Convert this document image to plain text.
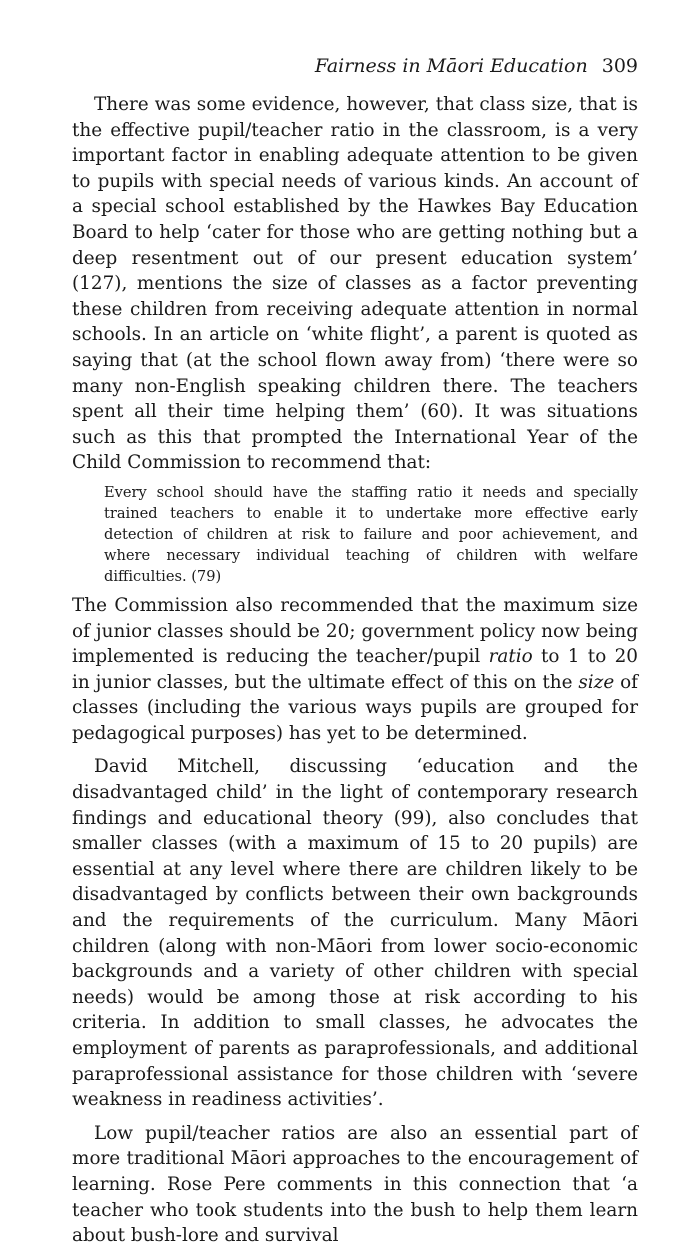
Fairness in Māori Education 309

There was some evidence, however, that class size, that is the effective pupil/teacher ratio in the classroom, is a very important factor in enabling adequate attention to be given to pupils with special needs of various kinds. An account of a special school established by the Hawkes Bay Education Board to help ‘cater for those who are getting nothing but a deep resentment out of our present education system’ (127), mentions the size of classes as a factor preventing these children from receiving adequate attention in normal schools. In an article on ‘white flight’, a parent is quoted as saying that (at the school flown away from) ‘there were so many non-English speaking children there. The teachers spent all their time helping them’ (60). It was situations such as this that prompted the International Year of the Child Commission to recommend that:

Every school should have the staffing ratio it needs and specially trained teachers to enable it to undertake more effective early detection of children at risk to failure and poor achievement, and where necessary individual teaching of children with welfare difficulties. (79)

The Commission also recommended that the maximum size of junior classes should be 20; government policy now being implemented is reducing the teacher/pupil ratio to 1 to 20 in junior classes, but the ultimate effect of this on the size of classes (including the various ways pupils are grouped for pedagogical purposes) has yet to be determined.

David Mitchell, discussing ‘education and the disadvantaged child’ in the light of contemporary research findings and educational theory (99), also concludes that smaller classes (with a maximum of 15 to 20 pupils) are essential at any level where there are children likely to be disadvantaged by conflicts between their own backgrounds and the requirements of the curriculum. Many Māori children (along with non-Māori from lower socio-economic backgrounds and a variety of other children with special needs) would be among those at risk according to his criteria. In addition to small classes, he advocates the employment of parents as paraprofessionals, and additional paraprofessional assistance for those children with ‘severe weakness in readiness activities’.

Low pupil/teacher ratios are also an essential part of more traditional Māori approaches to the encouragement of learning. Rose Pere comments in this connection that ‘a teacher who took students into the bush to help them learn about bush-lore and survival
